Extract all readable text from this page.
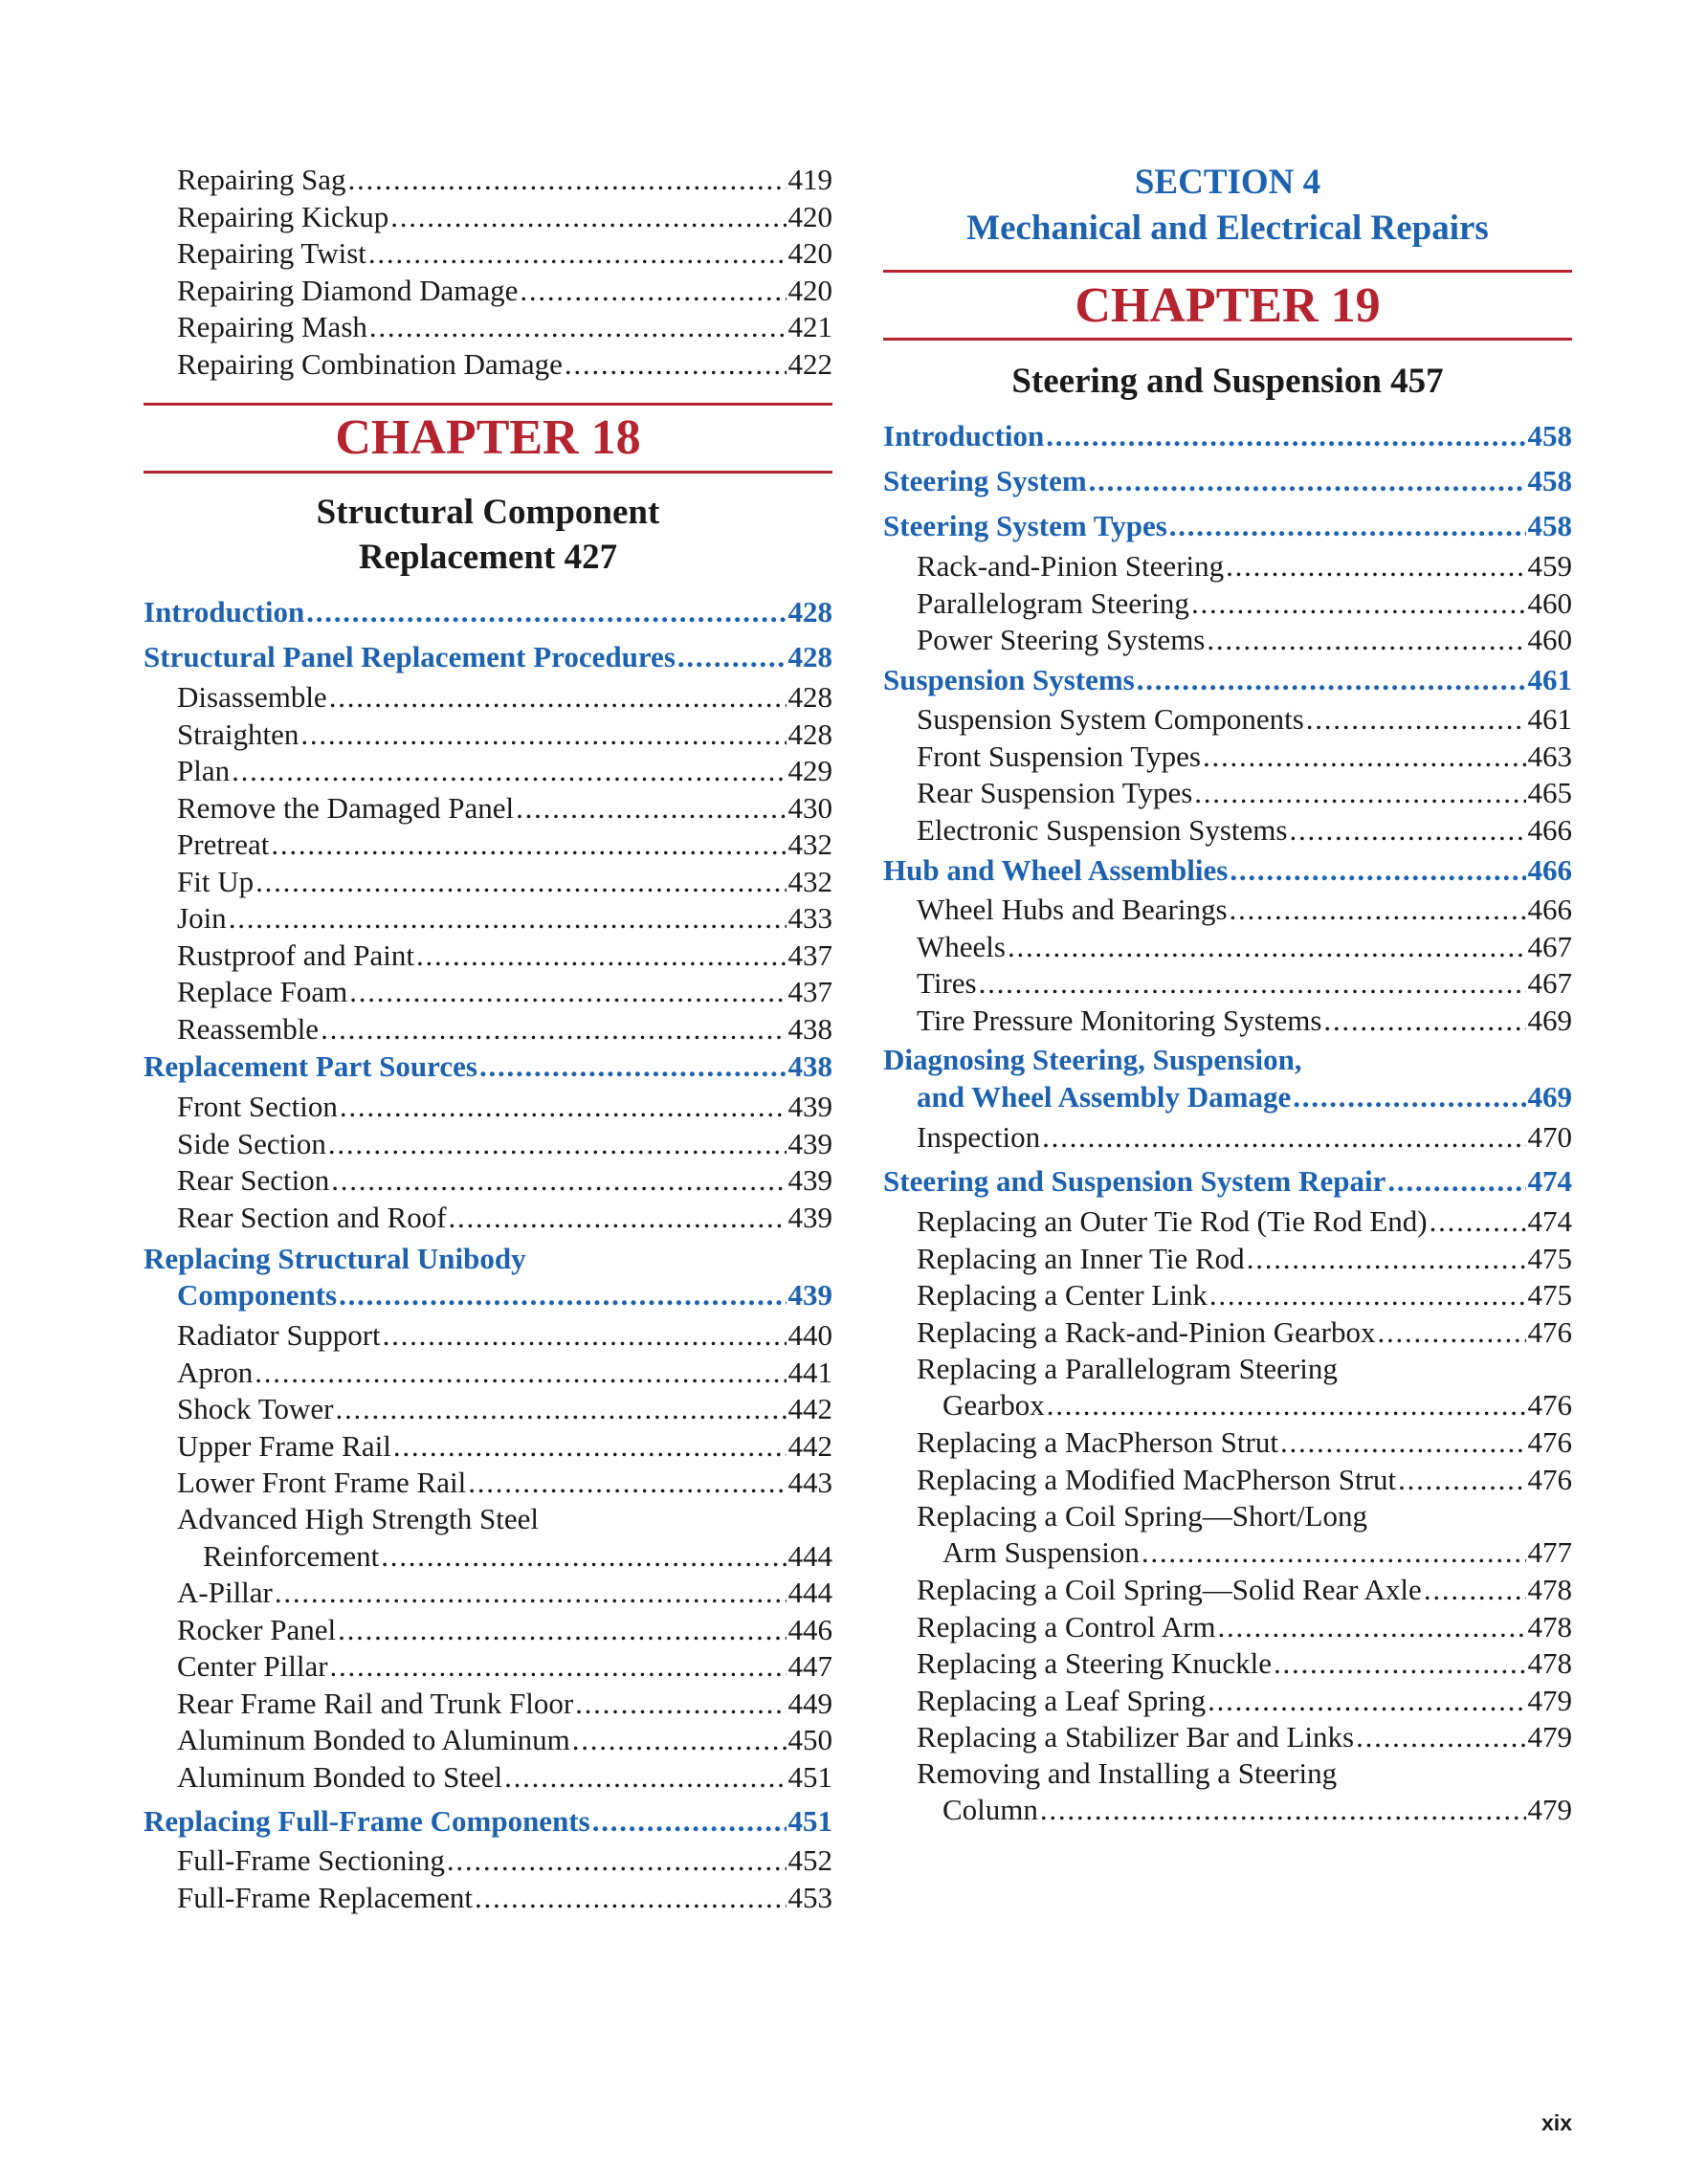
Repairing Sag . . .	419
Repairing Kickup . . .	420
Repairing Twist . . .	420
Repairing Diamond Damage . . .	420
Repairing Mash . . .	421
Repairing Combination Damage . . .	422
CHAPTER 18
Structural Component
Replacement 427
Introduction . . .	428
Structural Panel Replacement Procedures . . .	428
Disassemble . . .	428
Straighten . . .	428
Plan . . .	429
Remove the Damaged Panel . . .	430
Pretreat . . .	432
Fit Up . . .	432
Join . . .	433
Rustproof and Paint . . .	437
Replace Foam . . .	437
Reassemble . . .	438
Replacement Part Sources . . .	438
Front Section . . .	439
Side Section . . .	439
Rear Section . . .	439
Rear Section and Roof . . .	439
Replacing Structural Unibody
Components . . .	439
Radiator Support . . .	440
Apron . . .	441
Shock Tower . . .	442
Upper Frame Rail . . .	442
Lower Front Frame Rail . . .	443
Advanced High Strength Steel
Reinforcement . . .	444
A-Pillar . . .	444
Rocker Panel . . .	446
Center Pillar . . .	447
Rear Frame Rail and Trunk Floor . . .	449
Aluminum Bonded to Aluminum . . .	450
Aluminum Bonded to Steel . . .	451
Replacing Full-Frame Components . . .	451
Full-Frame Sectioning . . .	452
Full-Frame Replacement . . .	453
SECTION 4
Mechanical and Electrical Repairs
CHAPTER 19
Steering and Suspension 457
Introduction . . .	458
Steering System . . .	458
Steering System Types . . .	458
Rack-and-Pinion Steering . . .	459
Parallelogram Steering . . .	460
Power Steering Systems . . .	460
Suspension Systems . . .	461
Suspension System Components . . .	461
Front Suspension Types . . .	463
Rear Suspension Types . . .	465
Electronic Suspension Systems . . .	466
Hub and Wheel Assemblies . . .	466
Wheel Hubs and Bearings . . .	466
Wheels . . .	467
Tires . . .	467
Tire Pressure Monitoring Systems . . .	469
Diagnosing Steering, Suspension,
and Wheel Assembly Damage . . .	469
Inspection . . .	470
Steering and Suspension System Repair . . .	474
Replacing an Outer Tie Rod (Tie Rod End) . . .	474
Replacing an Inner Tie Rod . . .	475
Replacing a Center Link . . .	475
Replacing a Rack-and-Pinion Gearbox . . .	476
Replacing a Parallelogram Steering
Gearbox . . .	476
Replacing a MacPherson Strut . . .	476
Replacing a Modified MacPherson Strut . . .	476
Replacing a Coil Spring—Short/Long
Arm Suspension . . .	477
Replacing a Coil Spring—Solid Rear Axle . . .	478
Replacing a Control Arm . . .	478
Replacing a Steering Knuckle . . .	478
Replacing a Leaf Spring . . .	479
Replacing a Stabilizer Bar and Links . . .	479
Removing and Installing a Steering
Column . . .	479
xix
